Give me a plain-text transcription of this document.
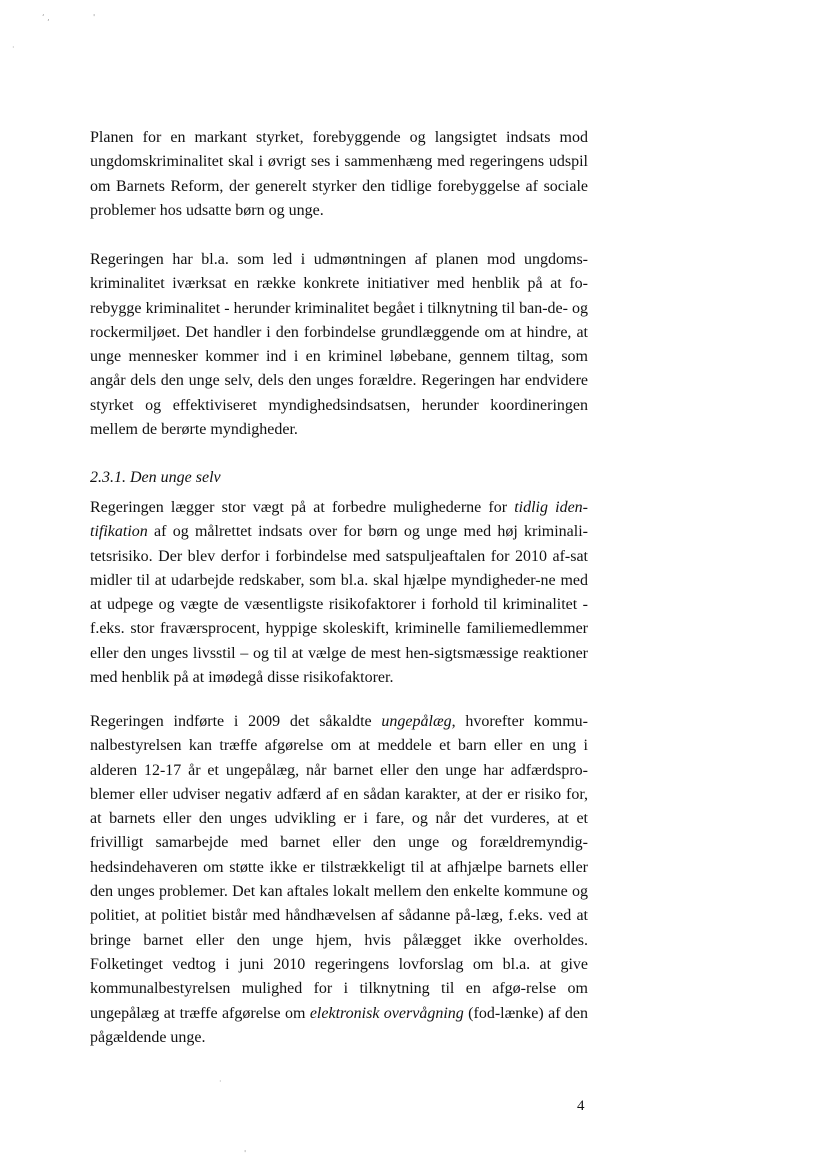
‘ ,	'
·

Planen for en markant styrket, forebyggende og langsigtet indsats mod ungdomskriminalitet skal i øvrigt ses i sammenhæng med regeringens udspil om Barnets Reform, der generelt styrker den tidlige forebyggelse af sociale problemer hos udsatte børn og unge.

Regeringen har bl.a. som led i udmøntningen af planen mod ungdoms-kriminalitet iværksat en række konkrete initiativer med henblik på at fo-rebygge kriminalitet - herunder kriminalitet begået i tilknytning til ban-de- og rockermiljøet. Det handler i den forbindelse grundlæggende om at hindre, at unge mennesker kommer ind i en kriminel løbebane, gennem tiltag, som angår dels den unge selv, dels den unges forældre. Regeringen har endvidere styrket og effektiviseret myndighedsindsatsen, herunder koordineringen mellem de berørte myndigheder.

2.3.1. Den unge selv

Regeringen lægger stor vægt på at forbedre mulighederne for tidlig iden-tifikation af og målrettet indsats over for børn og unge med høj kriminali-tetsrisiko. Der blev derfor i forbindelse med satspuljeaftalen for 2010 af-sat midler til at udarbejde redskaber, som bl.a. skal hjælpe myndigheder-ne med at udpege og vægte de væsentligste risikofaktorer i forhold til kriminalitet - f.eks. stor fraværsprocent, hyppige skoleskift, kriminelle familiemedlemmer eller den unges livsstil – og til at vælge de mest hen-sigtsmæssige reaktioner med henblik på at imødegå disse risikofaktorer.

Regeringen indførte i 2009 det såkaldte ungepålæg, hvorefter kommu-nalbestyrelsen kan træffe afgørelse om at meddele et barn eller en ung i alderen 12-17 år et ungepålæg, når barnet eller den unge har adfærdspro-blemer eller udviser negativ adfærd af en sådan karakter, at der er risiko for, at barnets eller den unges udvikling er i fare, og når det vurderes, at et frivilligt samarbejde med barnet eller den unge og forældremyndig-hedsindehaveren om støtte ikke er tilstrækkeligt til at afhjælpe barnets eller den unges problemer. Det kan aftales lokalt mellem den enkelte kommune og politiet, at politiet bistår med håndhævelsen af sådanne på-læg, f.eks. ved at bringe barnet eller den unge hjem, hvis pålægget ikke overholdes. Folketinget vedtog i juni 2010 regeringens lovforslag om bl.a. at give kommunalbestyrelsen mulighed for i tilknytning til en afgø-relse om ungepålæg at træffe afgørelse om elektronisk overvågning (fod-lænke) af den pågældende unge.

·
4
'
